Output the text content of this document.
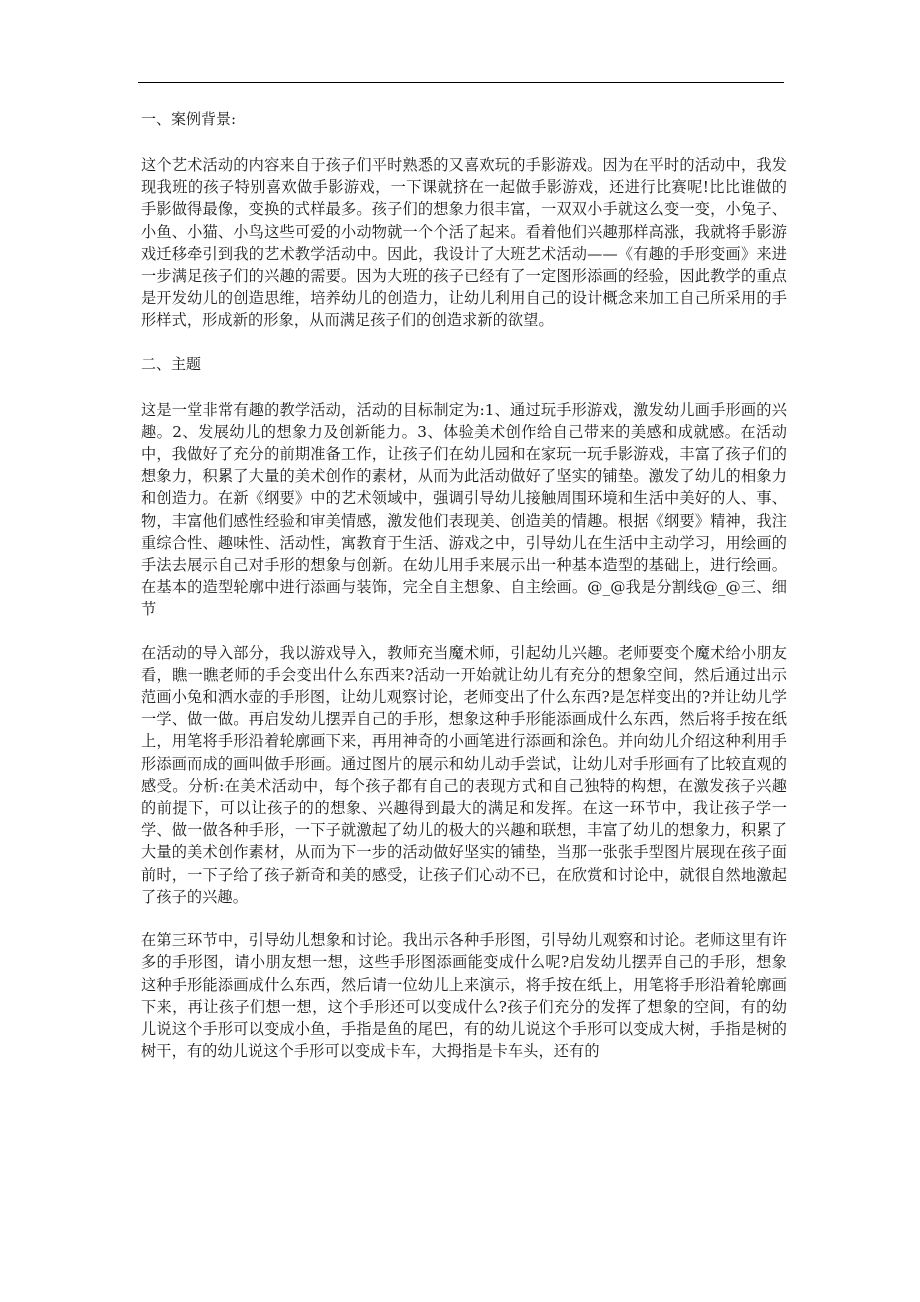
一、案例背景:

这个艺术活动的内容来自于孩子们平时熟悉的又喜欢玩的手影游戏。因为在平时的活动中，我发现我班的孩子特别喜欢做手影游戏，一下课就挤在一起做手影游戏，还进行比赛呢!比比谁做的手影做得最像，变换的式样最多。孩子们的想象力很丰富，一双双小手就这么变一变，小兔子、小鱼、小猫、小鸟这些可爱的小动物就一个个活了起来。看着他们兴趣那样高涨，我就将手影游戏迁移牵引到我的艺术教学活动中。因此，我设计了大班艺术活动——《有趣的手形变画》来进一步满足孩子们的兴趣的需要。因为大班的孩子已经有了一定图形添画的经验，因此教学的重点是开发幼儿的创造思维，培养幼儿的创造力，让幼儿利用自己的设计概念来加工自己所采用的手形样式，形成新的形象，从而满足孩子们的创造求新的欲望。

二、主题

这是一堂非常有趣的教学活动，活动的目标制定为:1、通过玩手形游戏，激发幼儿画手形画的兴趣。2、发展幼儿的想象力及创新能力。3、体验美术创作给自己带来的美感和成就感。在活动中，我做好了充分的前期准备工作，让孩子们在幼儿园和在家玩一玩手影游戏，丰富了孩子们的想象力，积累了大量的美术创作的素材，从而为此活动做好了坚实的铺垫。激发了幼儿的相象力和创造力。在新《纲要》中的艺术领域中，强调引导幼儿接触周围环境和生活中美好的人、事、物，丰富他们感性经验和审美情感，激发他们表现美、创造美的情趣。根据《纲要》精神，我注重综合性、趣味性、活动性，寓教育于生活、游戏之中，引导幼儿在生活中主动学习，用绘画的手法去展示自己对手形的想象与创新。在幼儿用手来展示出一种基本造型的基础上，进行绘画。在基本的造型轮廓中进行添画与装饰，完全自主想象、自主绘画。@_@我是分割线@_@三、细节

在活动的导入部分，我以游戏导入，教师充当魔术师，引起幼儿兴趣。老师要变个魔术给小朋友看，瞧一瞧老师的手会变出什么东西来?活动一开始就让幼儿有充分的想象空间，然后通过出示范画小兔和洒水壶的手形图，让幼儿观察讨论，老师变出了什么东西?是怎样变出的?并让幼儿学一学、做一做。再启发幼儿摆弄自己的手形，想象这种手形能添画成什么东西，然后将手按在纸上，用笔将手形沿着轮廓画下来，再用神奇的小画笔进行添画和涂色。并向幼儿介绍这种利用手形添画而成的画叫做手形画。通过图片的展示和幼儿动手尝试，让幼儿对手形画有了比较直观的感受。分析:在美术活动中，每个孩子都有自己的表现方式和自己独特的构想，在激发孩子兴趣的前提下，可以让孩子的的想象、兴趣得到最大的满足和发挥。在这一环节中，我让孩子学一学、做一做各种手形，一下子就激起了幼儿的极大的兴趣和联想，丰富了幼儿的想象力，积累了大量的美术创作素材，从而为下一步的活动做好坚实的铺垫，当那一张张手型图片展现在孩子面前时，一下子给了孩子新奇和美的感受，让孩子们心动不已，在欣赏和讨论中，就很自然地激起了孩子的兴趣。

在第三环节中，引导幼儿想象和讨论。我出示各种手形图，引导幼儿观察和讨论。老师这里有许多的手形图，请小朋友想一想，这些手形图添画能变成什么呢?启发幼儿摆弄自己的手形，想象这种手形能添画成什么东西，然后请一位幼儿上来演示，将手按在纸上，用笔将手形沿着轮廓画下来，再让孩子们想一想，这个手形还可以变成什么?孩子们充分的发挥了想象的空间，有的幼儿说这个手形可以变成小鱼，手指是鱼的尾巴，有的幼儿说这个手形可以变成大树，手指是树的树干，有的幼儿说这个手形可以变成卡车，大拇指是卡车头，还有的
